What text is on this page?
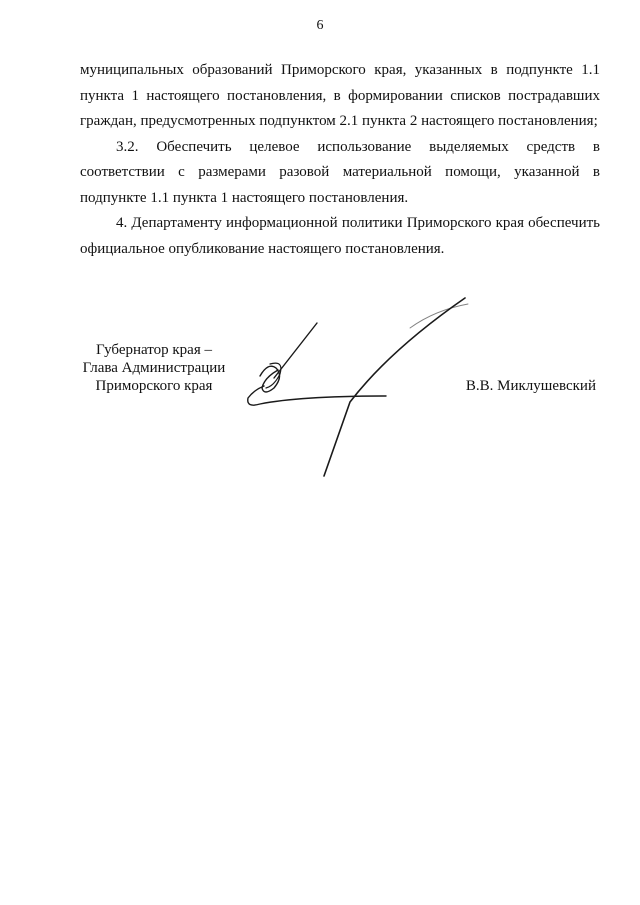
6

муниципальных образований Приморского края, указанных в подпункте 1.1 пункта 1 настоящего постановления, в формировании списков пострадавших граждан, предусмотренных подпунктом 2.1 пункта 2 настоящего постановления;

3.2. Обеспечить целевое использование выделяемых средств в соответствии с размерами разовой материальной помощи, указанной в подпункте 1.1 пункта 1 настоящего постановления.

4. Департаменту информационной политики Приморского края обеспечить официальное опубликование настоящего постановления.

Губернатор края –
Глава Администрации
Приморского края	В.В. Миклушевский
